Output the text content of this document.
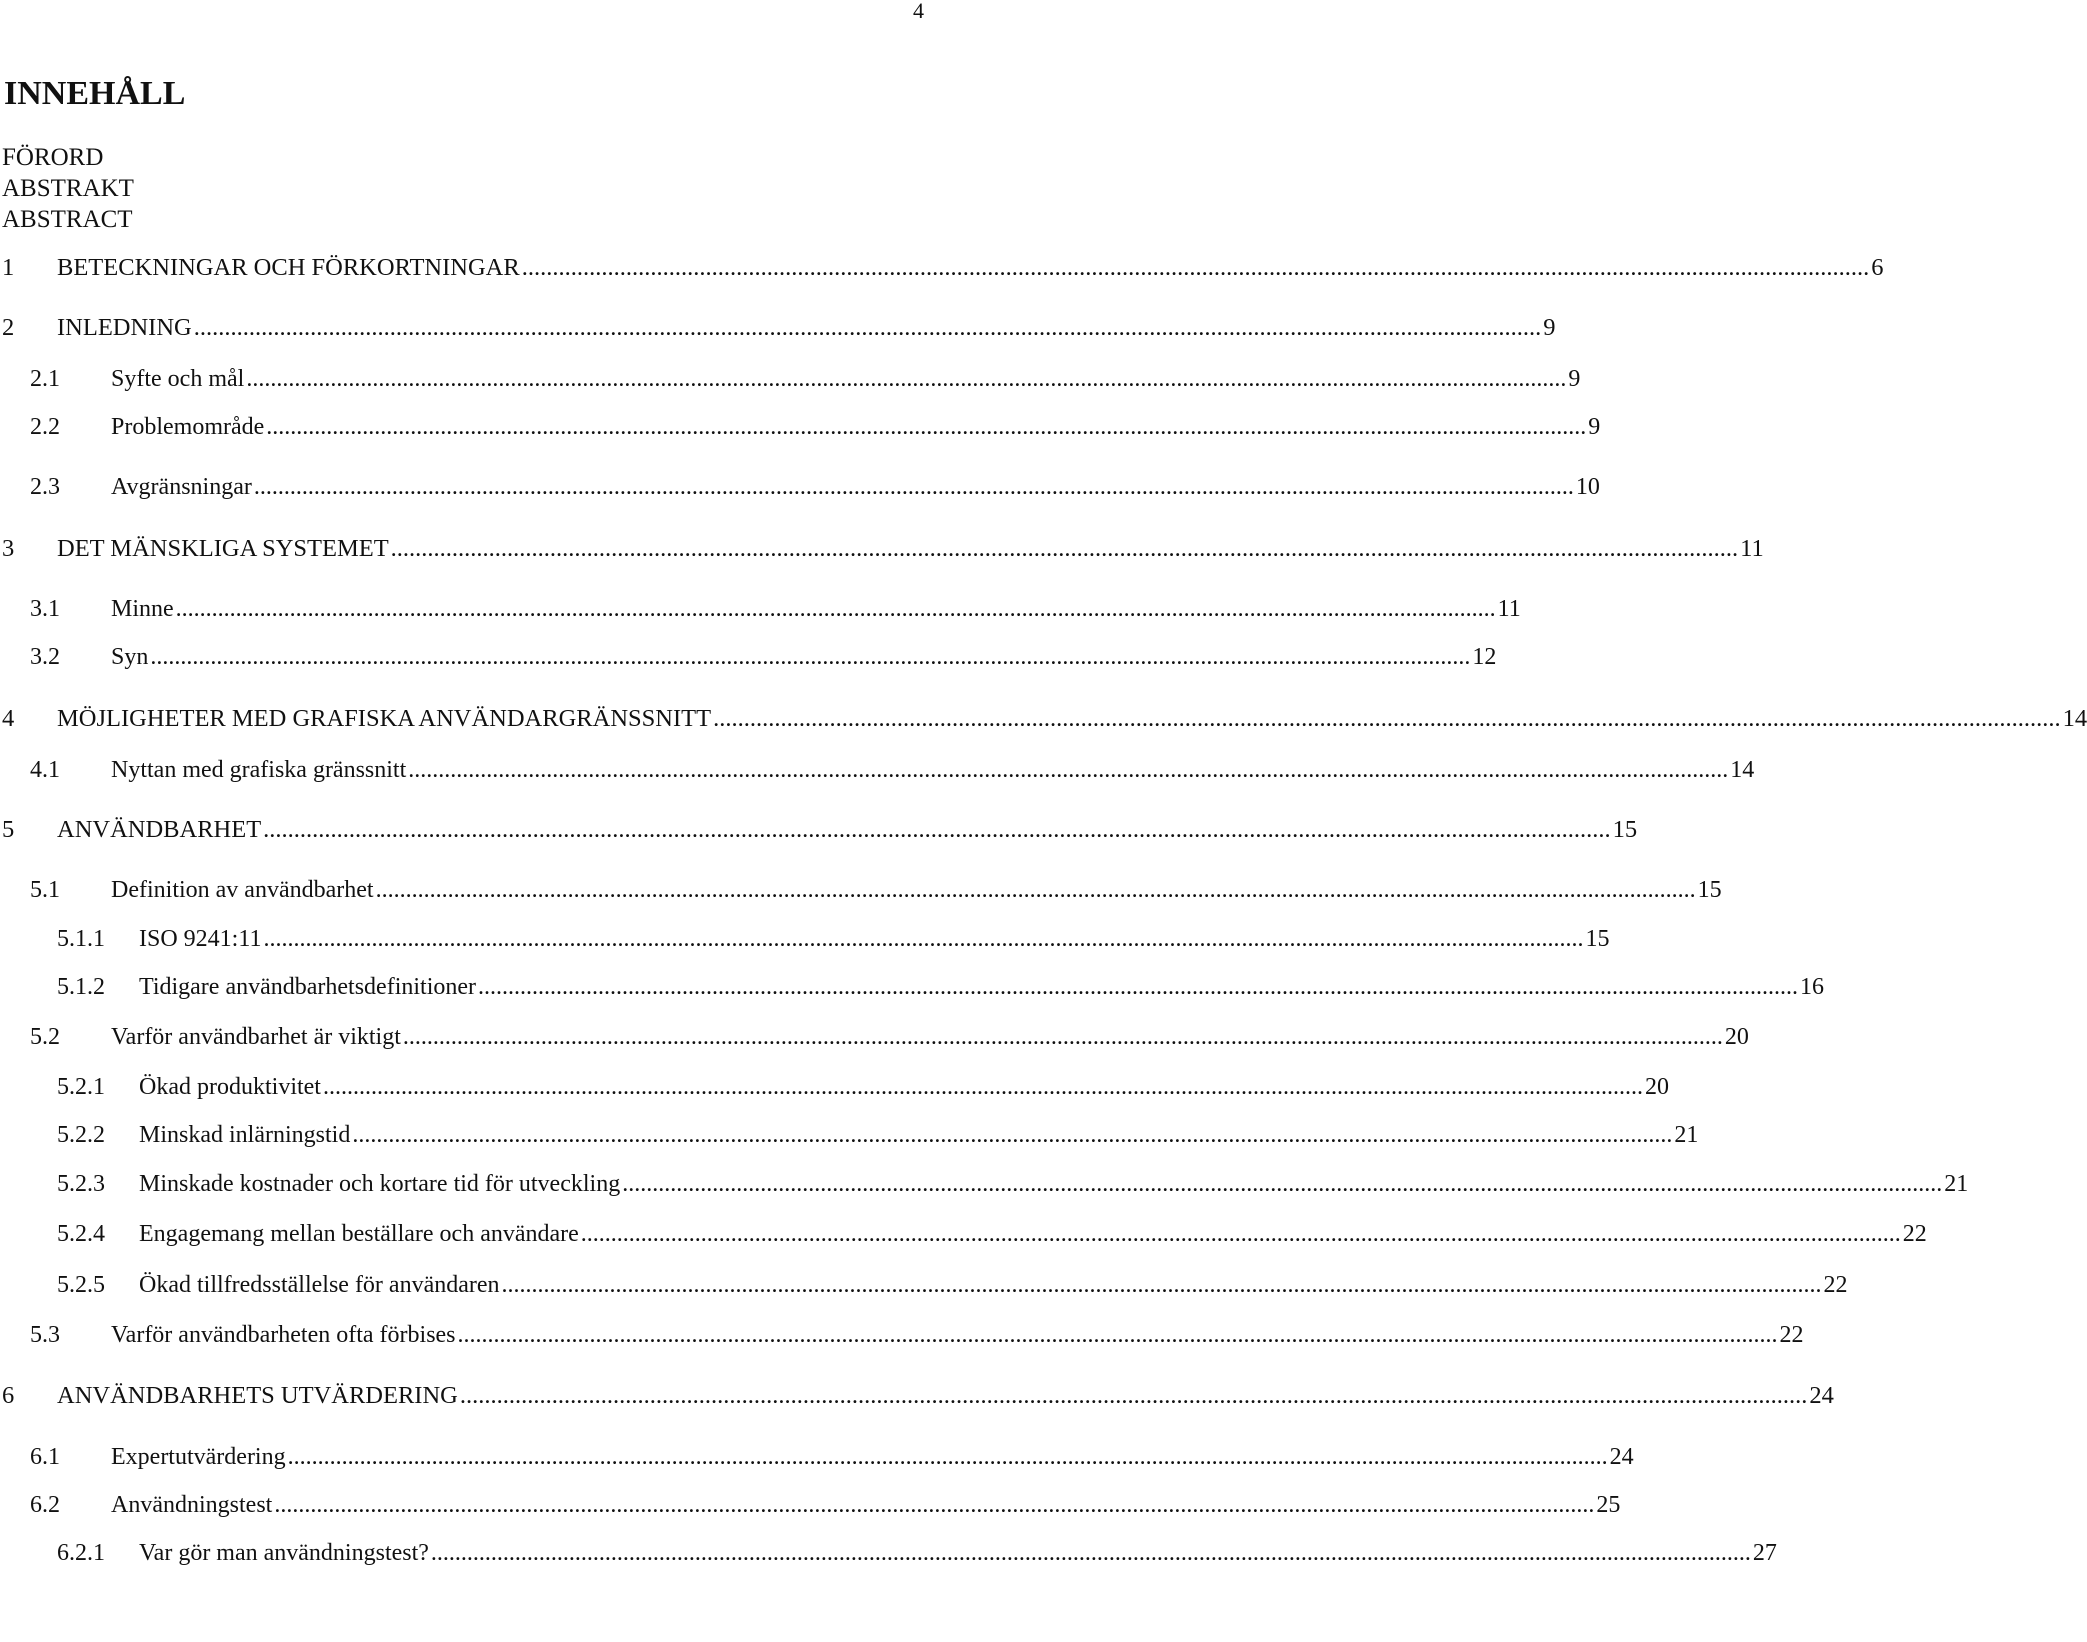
4
INNEHÅLL
FÖRORD
ABSTRAKT
ABSTRACT
1	BETECKNINGAR OCH FÖRKORTNINGAR ............................................................................................................................................................................................................................ 6
2	INLEDNING ............................................................................................................................................................................................................................ 9
2.1	Syfte och mål ............................................................................................................................................................................................................................ 9
2.2	Problemområde ............................................................................................................................................................................................................................ 9
2.3	Avgränsningar ............................................................................................................................................................................................................................ 10
3	DET MÄNSKLIGA SYSTEMET ............................................................................................................................................................................................................................ 11
3.1	Minne ............................................................................................................................................................................................................................ 11
3.2	Syn ............................................................................................................................................................................................................................ 12
4	MÖJLIGHETER MED GRAFISKA ANVÄNDARGRÄNSSNITT ............................................................................................................................................................................................................................ 14
4.1	Nyttan med grafiska gränssnitt ............................................................................................................................................................................................................................ 14
5	ANVÄNDBARHET ............................................................................................................................................................................................................................ 15
5.1	Definition av användbarhet ............................................................................................................................................................................................................................ 15
5.1.1	ISO 9241:11 ............................................................................................................................................................................................................................ 15
5.1.2	Tidigare användbarhetsdefinitioner ............................................................................................................................................................................................................................ 16
5.2	Varför användbarhet är viktigt ............................................................................................................................................................................................................................ 20
5.2.1	Ökad produktivitet ............................................................................................................................................................................................................................ 20
5.2.2	Minskad inlärningstid ............................................................................................................................................................................................................................ 21
5.2.3	Minskade kostnader och kortare tid för utveckling ............................................................................................................................................................................................................................ 21
5.2.4	Engagemang mellan beställare och användare ............................................................................................................................................................................................................................ 22
5.2.5	Ökad tillfredsställelse för användaren ............................................................................................................................................................................................................................ 22
5.3	Varför användbarheten ofta förbises ............................................................................................................................................................................................................................ 22
6	ANVÄNDBARHETS UTVÄRDERING ............................................................................................................................................................................................................................ 24
6.1	Expertutvärdering ............................................................................................................................................................................................................................ 24
6.2	Användningstest ............................................................................................................................................................................................................................ 25
6.2.1	Var gör man användningstest? ............................................................................................................................................................................................................................ 27
